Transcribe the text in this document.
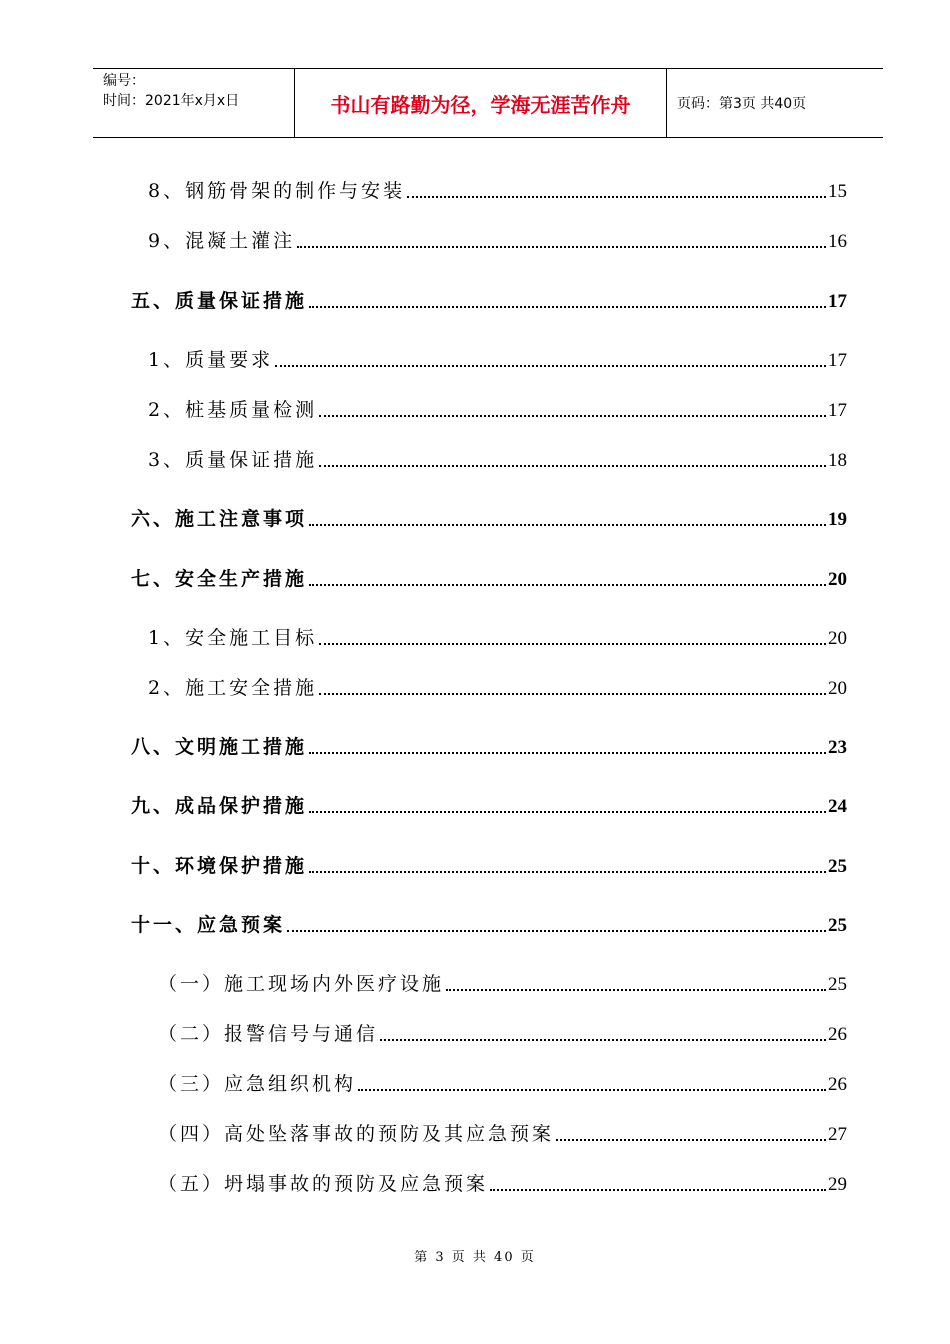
编号：
时间：2021年x月x日	书山有路勤为径，学海无涯苦作舟	页码：第3页 共40页
8、钢筋骨架的制作与安装	15
9、混凝土灌注	16
五、质量保证措施	17
1、质量要求	17
2、桩基质量检测	17
3、质量保证措施	18
六、施工注意事项	19
七、安全生产措施	20
1、安全施工目标	20
2、施工安全措施	20
八、文明施工措施	23
九、成品保护措施	24
十、环境保护措施	25
十一、应急预案	25
（一）施工现场内外医疗设施	25
（二）报警信号与通信	26
（三）应急组织机构	26
（四）高处坠落事故的预防及其应急预案	27
（五）坍塌事故的预防及应急预案	29
第 3 页 共 40 页
